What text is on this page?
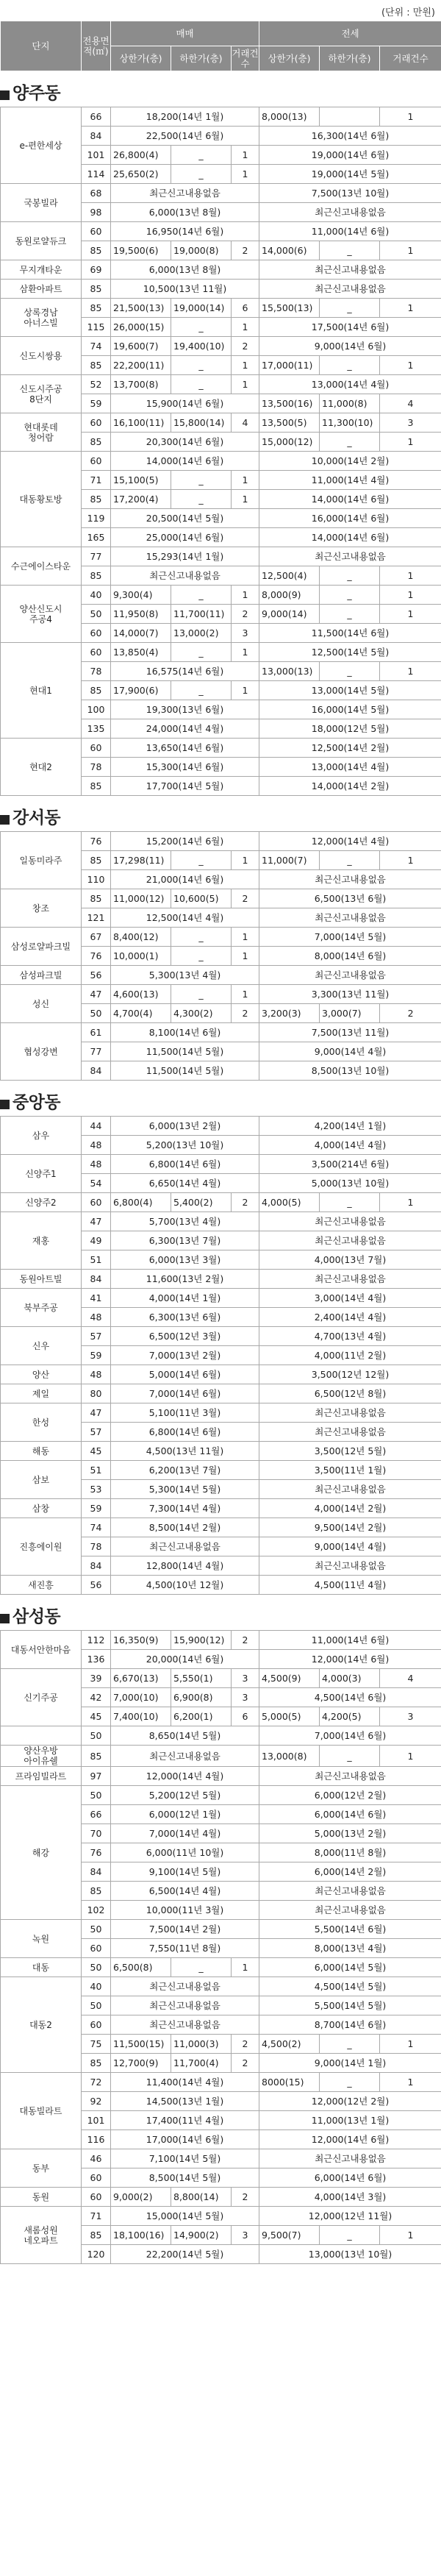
(단위 : 만원)
단지	전용면적(㎡)	매매			전세		
		상한가(층)	하한가(층)	거래건수	상한가(층)	하한가(층)	거래건수
양주동
e-편한세상	66	18,200(14년 1월)			8,000(13)		1
	84	22,500(14년 6월)			16,300(14년 6월)		
	101	26,800(4)	_	1	19,000(14년 6월)		
	114	25,650(2)	_	1	19,000(14년 5월)		
국봉빌라	68	최근신고내용없음			7,500(13년 10월)		
	98	6,000(13년 8월)			최근신고내용없음		
동원로얄듀크	60	16,950(14년 6월)			11,000(14년 6월)		
	85	19,500(6)	19,000(8)	2	14,000(6)	_	1
무지개타운	69	6,000(13년 8월)			최근신고내용없음		
삼환아파트	85	10,500(13년 11월)			최근신고내용없음		
상록경남
아너스빌	85	21,500(13)	19,000(14)	6	15,500(13)	_	1
	115	26,000(15)	_	1	17,500(14년 6월)		
신도시쌍용	74	19,600(7)	19,400(10)	2	9,000(14년 6월)		
	85	22,200(11)	_	1	17,000(11)	_	1
신도시주공
8단지	52	13,700(8)	_	1	13,000(14년 4월)		
	59	15,900(14년 6월)			13,500(16)	11,000(8)	4
현대롯데
청어람	60	16,100(11)	15,800(14)	4	13,500(5)	11,300(10)	3
	85	20,300(14년 6월)			15,000(12)	_	1
대동황토방	60	14,000(14년 6월)			10,000(14년 2월)		
	71	15,100(5)	_	1	11,000(14년 4월)		
	85	17,200(4)	_	1	14,000(14년 6월)		
	119	20,500(14년 5월)			16,000(14년 6월)		
	165	25,000(14년 6월)			14,000(14년 6월)		
수근에이스타운	77	15,293(14년 1월)			최근신고내용없음		
	85	최근신고내용없음			12,500(4)	_	1
양산신도시
주공4	40	9,300(4)	_	1	8,000(9)	_	1
	50	11,950(8)	11,700(11)	2	9,000(14)	_	1
	60	14,000(7)	13,000(2)	3	11,500(14년 6월)		
현대1	60	13,850(4)	_	1	12,500(14년 5월)		
	78	16,575(14년 6월)			13,000(13)	_	1
	85	17,900(6)	_	1	13,000(14년 5월)		
	100	19,300(13년 6월)			16,000(14년 5월)		
	135	24,000(14년 4월)			18,000(12년 5월)		
현대2	60	13,650(14년 6월)			12,500(14년 2월)		
	78	15,300(14년 6월)			13,000(14년 4월)		
	85	17,700(14년 5월)			14,000(14년 2월)		
강서동
일동미라주	76	15,200(14년 6월)			12,000(14년 4월)		
	85	17,298(11)	_	1	11,000(7)	_	1
	110	21,000(14년 6월)			최근신고내용없음		
창조	85	11,000(12)	10,600(5)	2	6,500(13년 6월)		
	121	12,500(14년 4월)			최근신고내용없음		
삼성로얄파크빌	67	8,400(12)	_	1	7,000(14년 5월)		
	76	10,000(1)	_	1	8,000(14년 6월)		
삼성파크빌	56	5,300(13년 4월)			최근신고내용없음		
성신	47	4,600(13)	_	1	3,300(13년 11월)		
	50	4,700(4)	4,300(2)	2	3,200(3)	3,000(7)	2
협성강변	61	8,100(14년 6월)			7,500(13년 11월)		
	77	11,500(14년 5월)			9,000(14년 4월)		
	84	11,500(14년 5월)			8,500(13년 10월)		
중앙동
삼우	44	6,000(13년 2월)			4,200(14년 1월)		
	48	5,200(13년 10월)			4,000(14년 4월)		
신양주1	48	6,800(14년 6월)			3,500(214년 6월)		
	54	6,650(14년 4월)			5,000(13년 10월)		
신양주2	60	6,800(4)	5,400(2)	2	4,000(5)	_	1
재홍	47	5,700(13년 4월)			최근신고내용없음		
	49	6,300(13년 7월)			최근신고내용없음		
	51	6,000(13년 3월)			4,000(13년 7월)		
동원아트빌	84	11,600(13년 2월)			최근신고내용없음		
북부주공	41	4,000(14년 1월)			3,000(14년 4월)		
	48	6,300(13년 6월)			2,400(14년 4월)		
신우	57	6,500(12년 3월)			4,700(13년 4월)		
	59	7,000(13년 2월)			4,000(11년 2월)		
양산	48	5,000(14년 6월)			3,500(12년 12월)		
제일	80	7,000(14년 6월)			6,500(12년 8월)		
한성	47	5,100(11년 3월)			최근신고내용없음		
	57	6,800(14년 6월)			최근신고내용없음		
해동	45	4,500(13년 11월)			3,500(12년 5월)		
삼보	51	6,200(13년 7월)			3,500(11년 1월)		
	53	5,300(14년 5월)			최근신고내용없음		
삼창	59	7,300(14년 4월)			4,000(14년 2월)		
진흥에이원	74	8,500(14년 2월)			9,500(14년 2월)		
	78	최근신고내용없음			9,000(14년 4월)		
	84	12,800(14년 4월)			최근신고내용없음		
새진흥	56	4,500(10년 12월)			4,500(11년 4월)		
삼성동
대동서안한마음	112	16,350(9)	15,900(12)	2	11,000(14년 6월)		
	136	20,000(14년 6월)			12,000(14년 6월)		
신기주공	39	6,670(13)	5,550(1)	3	4,500(9)	4,000(3)	4
	42	7,000(10)	6,900(8)	3	4,500(14년 6월)		
	45	7,400(10)	6,200(1)	6	5,000(5)	4,200(5)	3
	50	8,650(14년 5월)			7,000(14년 6월)		
양산우방
아이유쉘	85	최근신고내용없음			13,000(8)	_	1
프라임빌라트	97	12,000(14년 4월)			최근신고내용없음		
해강	50	5,200(12년 5월)			6,000(12년 2월)		
	66	6,000(12년 1월)			6,000(14년 6월)		
	70	7,000(14년 4월)			5,000(13년 2월)		
	76	6,000(11년 10월)			8,000(11년 8월)		
	84	9,100(14년 5월)			6,000(14년 2월)		
	85	6,500(14년 4월)			최근신고내용없음		
	102	10,000(11년 3월)			최근신고내용없음		
녹원	50	7,500(14년 2월)			5,500(14년 6월)		
	60	7,550(11년 8월)			8,000(13년 4월)		
대동	50	6,500(8)	_	1	6,000(14년 5월)		
대동2	40	최근신고내용없음			4,500(14년 5월)		
	50	최근신고내용없음			5,500(14년 5월)		
	60	최근신고내용없음			8,700(14년 6월)		
	75	11,500(15)	11,000(3)	2	4,500(2)	_	1
	85	12,700(9)	11,700(4)	2	9,000(14년 1월)		
대동빌라트	72	11,400(14년 4월)			8000(15)	_	1
	92	14,500(13년 1월)			12,000(12년 2월)		
	101	17,400(11년 4월)			11,000(13년 1월)		
	116	17,000(14년 6월)			12,000(14년 6월)		
동부	46	7,100(14년 5월)			최근신고내용없음		
	60	8,500(14년 5월)			6,000(14년 6월)		
동원	60	9,000(2)	8,800(14)	2	4,000(14년 3월)		
새롬성원
네오파트	71	15,000(14년 5월)			12,000(12년 11월)		
	85	18,100(16)	14,900(2)	3	9,500(7)	_	1
	120	22,200(14년 5월)			13,000(13년 10월)		
